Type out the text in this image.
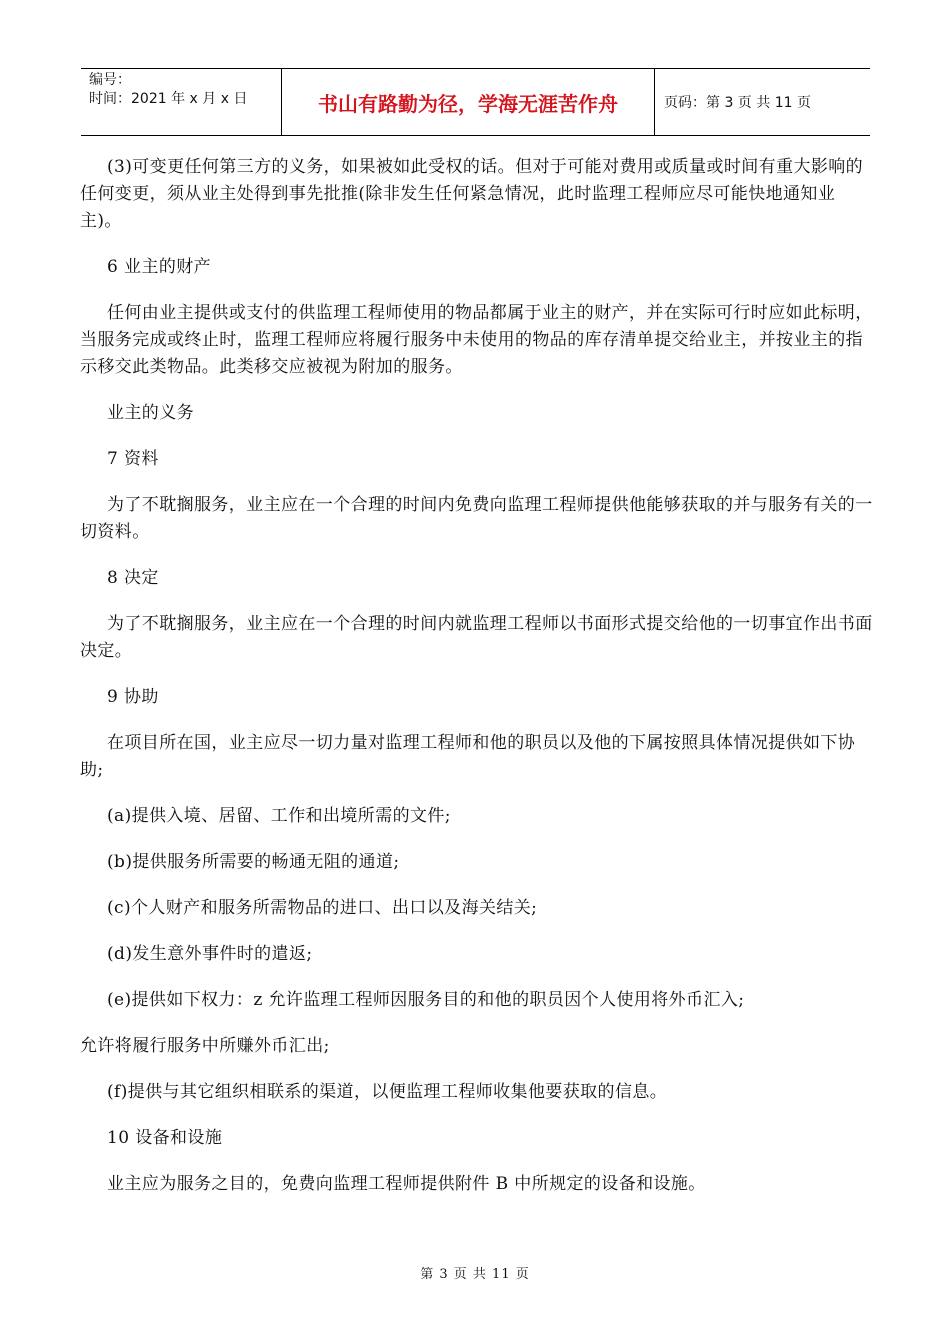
编号：
时间：2021 年 x 月 x 日	书山有路勤为径，学海无涯苦作舟	页码：第 3 页 共 11 页

(3)可变更任何第三方的义务，如果被如此受权的话。但对于可能对费用或质量或时间有重大影响的任何变更，须从业主处得到事先批推(除非发生任何紧急情况，此时监理工程师应尽可能快地通知业主)。

6 业主的财产

任何由业主提供或支付的供监理工程师使用的物品都属于业主的财产，并在实际可行时应如此标明，当服务完成或终止时，监理工程师应将履行服务中未使用的物品的库存清单提交给业主，并按业主的指示移交此类物品。此类移交应被视为附加的服务。

业主的义务

7 资料

为了不耽搁服务，业主应在一个合理的时间内免费向监理工程师提供他能够获取的并与服务有关的一切资料。

8 决定

为了不耽搁服务，业主应在一个合理的时间内就监理工程师以书面形式提交给他的一切事宜作出书面决定。

9 协助

在项目所在国，业主应尽一切力量对监理工程师和他的职员以及他的下属按照具体情况提供如下协助;

(a)提供入境、居留、工作和出境所需的文件;

(b)提供服务所需要的畅通无阻的通道;

(c)个人财产和服务所需物品的进口、出口以及海关结关;

(d)发生意外事件时的遣返;

(e)提供如下权力：z 允许监理工程师因服务目的和他的职员因个人使用将外币汇入;

允许将履行服务中所赚外币汇出;

(f)提供与其它组织相联系的渠道，以便监理工程师收集他要获取的信息。

10 设备和设施

业主应为服务之目的，免费向监理工程师提供附件 B 中所规定的设备和设施。

第 3 页 共 11 页
